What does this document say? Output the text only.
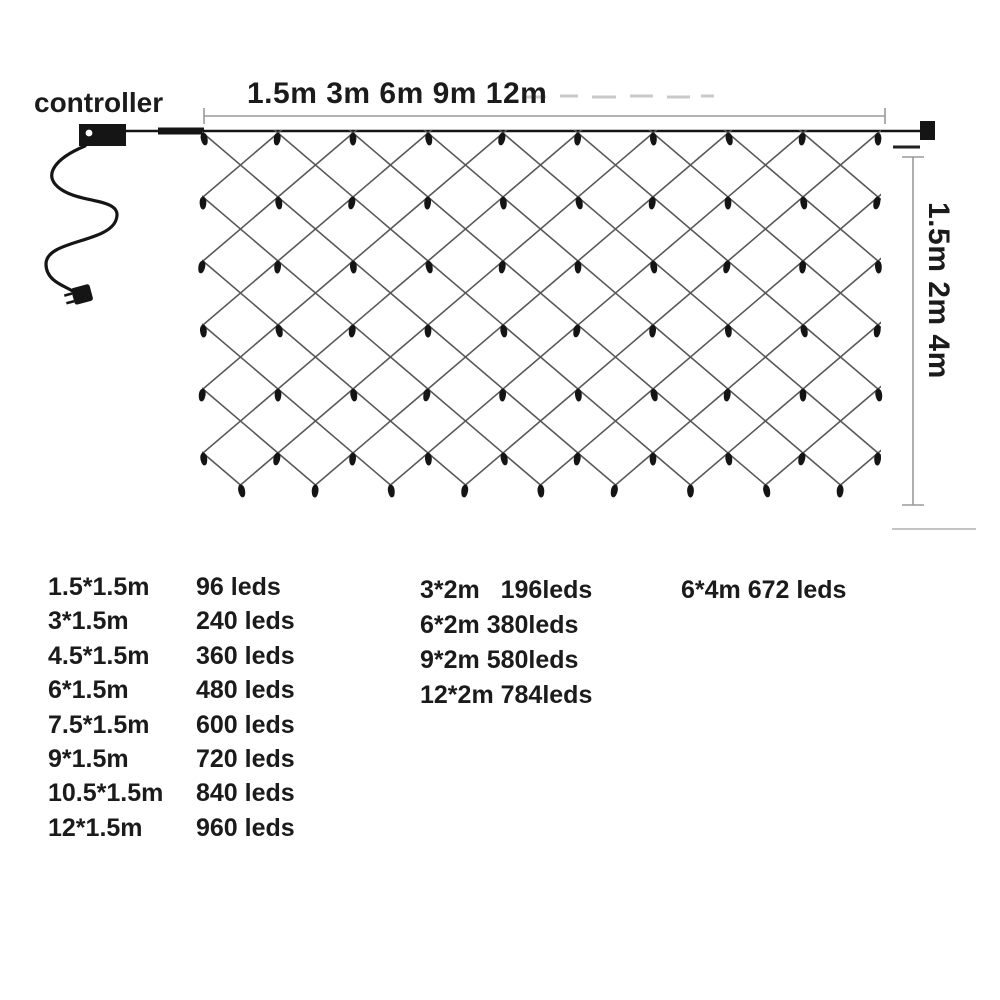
controller	1.5m 3m 6m 9m 12m
1.5m 2m 4m
1.5*1.5m 96 leds
3*1.5m	240 leds
4.5*1.5m 360 leds
6*1.5m	480 leds
7.5*1.5m 600 leds
9*1.5m	720 leds
10.5*1.5m 840 leds
12*1.5m 960 leds
3*2m   196leds
6*2m 380leds
9*2m 580leds
12*2m 784leds
6*4m 672 leds
